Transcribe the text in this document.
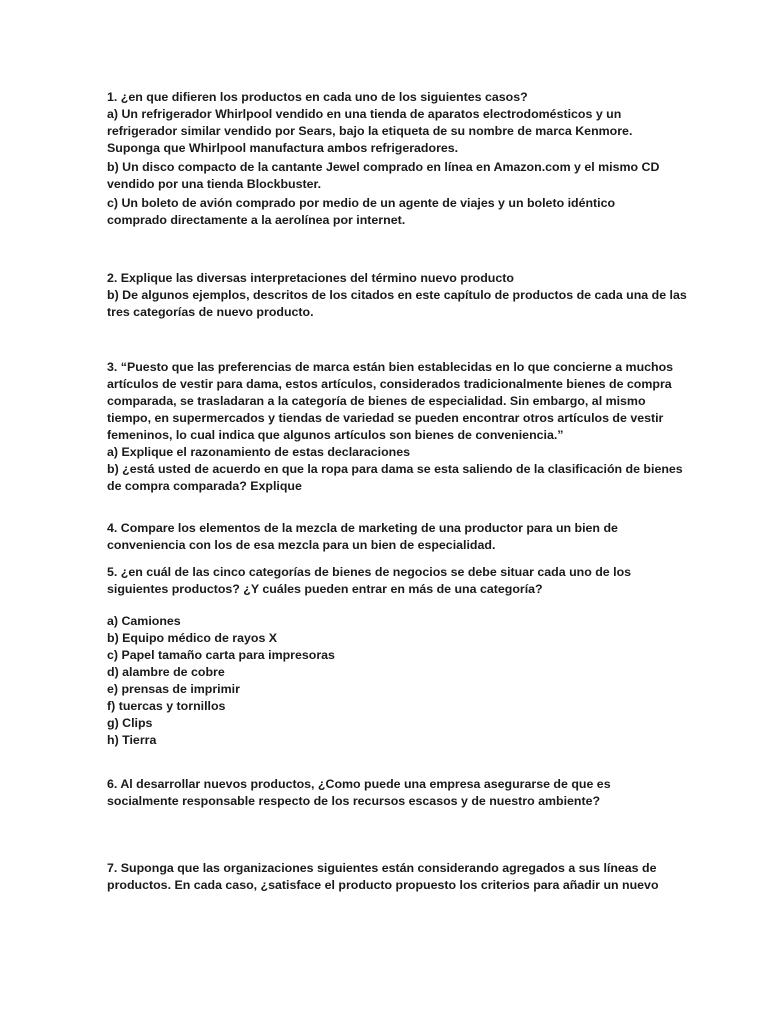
1. ¿en que difieren los productos en cada uno de los siguientes casos?
a) Un refrigerador Whirlpool vendido en una tienda de aparatos electrodomésticos y un
refrigerador similar vendido por Sears, bajo la etiqueta de su nombre de marca Kenmore.
Suponga que Whirlpool manufactura ambos refrigeradores.
b) Un disco compacto de la cantante Jewel comprado en línea en Amazon.com y el mismo CD
vendido por una tienda Blockbuster.
c) Un boleto de avión comprado por medio de un agente de viajes y un boleto idéntico
comprado directamente a la aerolínea por internet.
2. Explique las diversas interpretaciones del término nuevo producto
b) De algunos ejemplos, descritos de los citados en este capítulo de productos de cada una de las
tres categorías de nuevo producto.
3. “Puesto que las preferencias de marca están bien establecidas en lo que concierne a muchos
artículos de vestir para dama, estos artículos, considerados tradicionalmente bienes de compra
comparada, se trasladaran a la categoría de bienes de especialidad. Sin embargo, al mismo
tiempo, en supermercados y tiendas de variedad se pueden encontrar otros artículos de vestir
femeninos, lo cual indica que algunos artículos son bienes de conveniencia.”
a) Explique el razonamiento de estas declaraciones
b) ¿está usted de acuerdo en que la ropa para dama se esta saliendo de la clasificación de bienes
de compra comparada? Explique
4. Compare los elementos de la mezcla de marketing de una productor para un bien de
conveniencia con los de esa mezcla para un bien de especialidad.
5. ¿en cuál de las cinco categorías de bienes de negocios se debe situar cada uno de los
siguientes productos? ¿Y cuáles pueden entrar en más de una categoría?
a) Camiones
b) Equipo médico de rayos X
c) Papel tamaño carta para impresoras
d) alambre de cobre
e) prensas de imprimir
f) tuercas y tornillos
g) Clips
h) Tierra
6. Al desarrollar nuevos productos, ¿Como puede una empresa asegurarse de que es
socialmente responsable respecto de los recursos escasos y de nuestro ambiente?
7. Suponga que las organizaciones siguientes están considerando agregados a sus líneas de
productos. En cada caso, ¿satisface el producto propuesto los criterios para añadir un nuevo
